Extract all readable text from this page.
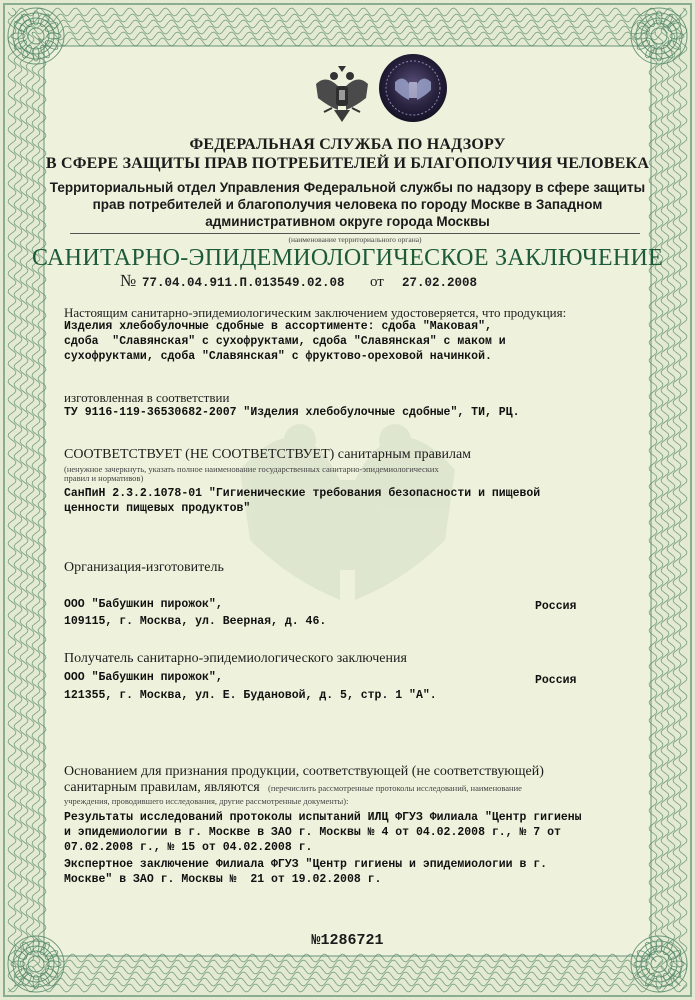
ФЕДЕРАЛЬНАЯ СЛУЖБА ПО НАДЗОРУ
В СФЕРЕ ЗАЩИТЫ ПРАВ ПОТРЕБИТЕЛЕЙ И БЛАГОПОЛУЧИЯ ЧЕЛОВЕКА
Территориальный отдел Управления Федеральной службы по надзору в сфере защиты
прав потребителей и благополучия человека по городу Москве в Западном
административном округе города Москвы
(наименование территориального органа)
САНИТАРНО-ЭПИДЕМИОЛОГИЧЕСКОЕ ЗАКЛЮЧЕНИЕ
№ 77.04.04.911.П.013549.02.08 от 27.02.2008
Настоящим санитарно-эпидемиологическим заключением удостоверяется, что продукция:
Изделия хлебобулочные сдобные в ассортименте: сдоба "Маковая",
сдоба  "Славянская" с сухофруктами, сдоба "Славянская" с маком и
сухофруктами, сдоба "Славянская" с фруктово-ореховой начинкой.
изготовленная в соответствии
ТУ 9116-119-36530682-2007 "Изделия хлебобулочные сдобные", ТИ, РЦ.
СООТВЕТСТВУЕТ (НЕ СООТВЕТСТВУЕТ) санитарным правилам
(ненужное зачеркнуть, указать полное наименование государственных санитарно-эпидемиологических
правил и нормативов)
СанПиН 2.3.2.1078-01 "Гигиенические требования безопасности и пищевой
ценности пищевых продуктов"
Организация-изготовитель
ООО "Бабушкин пирожок",	Россия
109115, г. Москва, ул. Веерная, д. 46.
Получатель санитарно-эпидемиологического заключения
ООО "Бабушкин пирожок",	Россия
121355, г. Москва, ул. Е. Будановой, д. 5, стр. 1 "А".
Основанием для признания продукции, соответствующей (не соответствующей)
санитарным правилам, являются (перечислить рассмотренные протоколы исследований, наименование
учреждения, проводившего исследования, другие рассмотренные документы):
Результаты исследований протоколы испытаний ИЛЦ ФГУЗ Филиала "Центр гигиены
и эпидемиологии в г. Москве в ЗАО г. Москвы № 4 от 04.02.2008 г., № 7 от
07.02.2008 г., № 15 от 04.02.2008 г.
Экспертное заключение Филиала ФГУЗ "Центр гигиены и эпидемиологии в г.
Москве" в ЗАО г. Москвы №  21 от 19.02.2008 г.
№1286721
